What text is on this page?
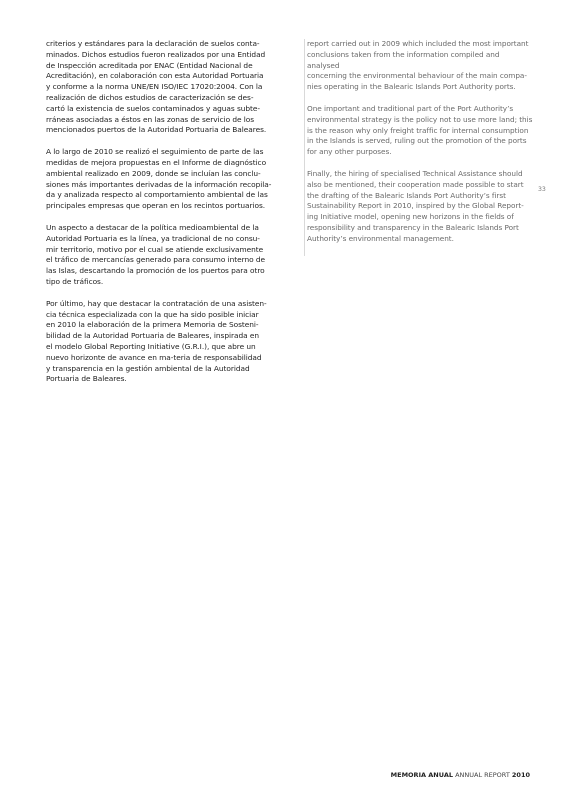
criterios y estándares para la declaración de suelos conta-
minados. Dichos estudios fueron realizados por una Entidad
de Inspección acreditada por ENAC (Entidad Nacional de
Acreditación), en colaboración con esta Autoridad Portuaria
y conforme a la norma UNE/EN ISO/IEC 17020:2004. Con la
realización de dichos estudios de caracterización se des-
cartó la existencia de suelos contaminados y aguas subte-
rráneas asociadas a éstos en las zonas de servicio de los
mencionados puertos de la Autoridad Portuaria de Baleares.

A lo largo de 2010 se realizó el seguimiento de parte de las
medidas de mejora propuestas en el Informe de diagnóstico
ambiental realizado en 2009, donde se incluían las conclu-
siones más importantes derivadas de la información recopila-
da y analizada respecto al comportamiento ambiental de las
principales empresas que operan en los recintos portuarios.

Un aspecto a destacar de la política medioambiental de la
Autoridad Portuaria es la línea, ya tradicional de no consu-
mir territorio, motivo por el cual se atiende exclusivamente
el tráfico de mercancías generado para consumo interno de
las Islas, descartando la promoción de los puertos para otro
tipo de tráficos.

Por último, hay que destacar la contratación de una asisten-
cia técnica especializada con la que ha sido posible iniciar
en 2010 la elaboración de la primera Memoria de Sosteni-
bilidad de la Autoridad Portuaria de Baleares, inspirada en
el modelo Global Reporting Initiative (G.R.I.), que abre un
nuevo horizonte de avance en ma-teria de responsabilidad
y transparencia en la gestión ambiental de la Autoridad
Portuaria de Baleares.

report carried out in 2009 which included the most important
conclusions taken from the information compiled and analysed
concerning the environmental behaviour of the main compa-
nies operating in the Balearic Islands Port Authority ports.

One important and traditional part of the Port Authority’s
environmental strategy is the policy not to use more land; this
is the reason why only freight traffic for internal consumption
in the Islands is served, ruling out the promotion of the ports
for any other purposes.

Finally, the hiring of specialised Technical Assistance should
also be mentioned, their cooperation made possible to start
the drafting of the Balearic Islands Port Authority’s first
Sustainability Report in 2010, inspired by the Global Report-
ing Initiative model, opening new horizons in the fields of
responsibility and transparency in the Balearic Islands Port
Authority’s environmental management.

33
MEMORIA ANUAL ANNUAL REPORT 2010
